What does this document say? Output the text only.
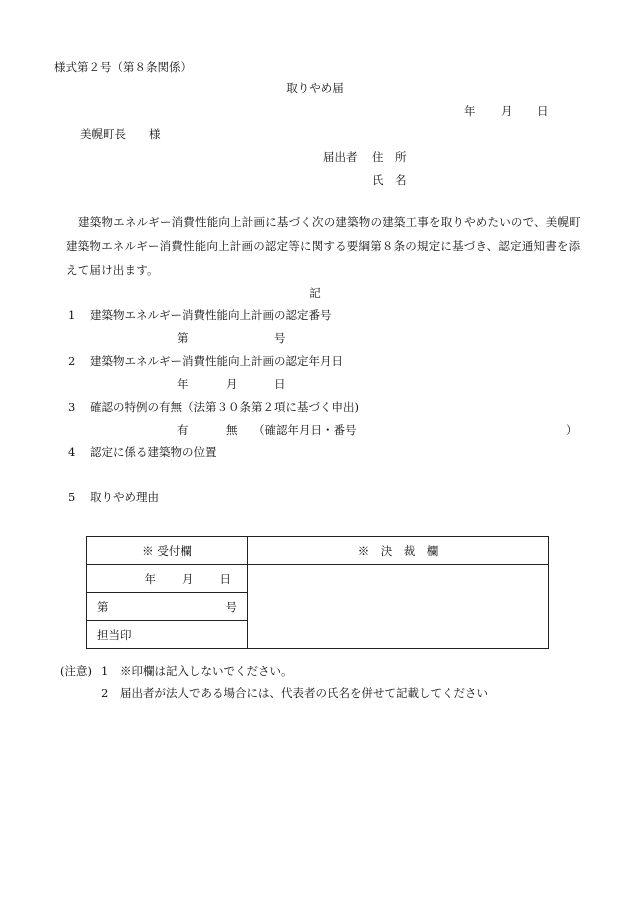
様式第２号（第８条関係）
取りやめ届
年 月 日
美幌町長　　様
届出者 住　所
氏　名
建築物エネルギー消費性能向上計画に基づく次の建築物の建築工事を取りやめたいので、美幌町建築物エネルギー消費性能向上計画の認定等に関する要綱第８条の規定に基づき、認定通知書を添えて届け出ます。
記
1 建築物エネルギー消費性能向上計画の認定番号
第	号
2 建築物エネルギー消費性能向上計画の認定年月日
年	月	日
3 確認の特例の有無（法第３０条第２項に基づく申出)
有	無 （確認年月日・番号	）
4 認定に係る建築物の位置
5 取りやめ理由
※ 受付欄	※　決　裁　欄

年 月 日	

第 号	

担当印	
(注意) 1 ※印欄は記入しないでください。
2 届出者が法人である場合には、代表者の氏名を併せて記載してください
